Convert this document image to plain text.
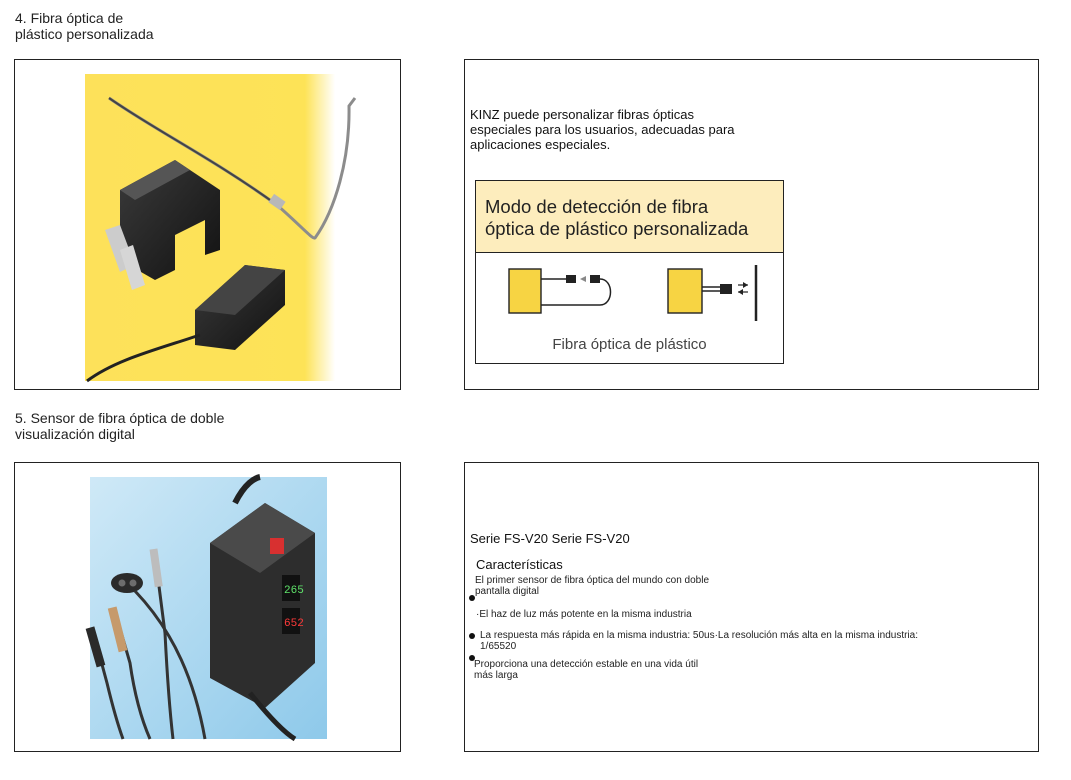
4. Fibra óptica de
plástico personalizada
KINZ puede personalizar fibras ópticas
especiales para los usuarios, adecuadas para
aplicaciones especiales.
Modo de detección de fibra
óptica de plástico personalizada
Fibra óptica de plástico
5. Sensor de fibra óptica de doble
visualización digital
265
652
Serie FS-V20 Serie FS-V20
Características
El primer sensor de fibra óptica del mundo con doble
pantalla digital
·El haz de luz más potente en la misma industria
La respuesta más rápida en la misma industria: 50us·La resolución más alta en la misma industria:
1/65520
Proporciona una detección estable en una vida útil
más larga
